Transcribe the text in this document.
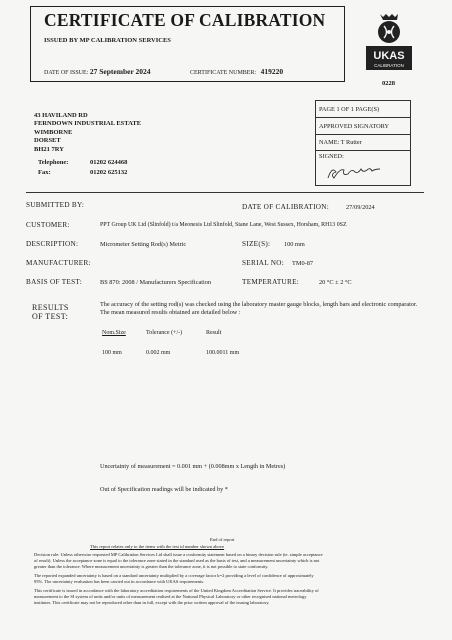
CERTIFICATE OF CALIBRATION
ISSUED BY MP CALIBRATION SERVICES
DATE OF ISSUE: 27 September 2024	CERTIFICATE NUMBER: 419220
UKAS
CALIBRATION
0228
43 HAVILAND RD
FERNDOWN INDUSTRIAL ESTATE
WIMBORNE
DORSET
BH21 7RY
Telephone:	01202 624468
Fax:	01202 625132
PAGE 1 OF 1 PAGE(S)
APPROVED SIGNATORY
NAME: T Rutter
SIGNED:
SUBMITTED BY:	DATE OF CALIBRATION:	27/09/2024
CUSTOMER:	PPT Group UK Ltd (Slinfold) t/a Meonesis Ltd Slinfold, Stane Lane, West Sussex, Horsham, RH13 0SZ
DESCRIPTION:	Micrometer Setting Rod(s) Metric	SIZE(S): 100 mm
MANUFACTURER:	SERIAL NO: TM0-87
BASIS OF TEST:	BS 870: 2008 / Manufacturers Specification	TEMPERATURE:	20 °C ± 2 °C
RESULTS
OF TEST:
The accuracy of the setting rod(s) was checked using the laboratory master gauge blocks, length bars and electronic comparator. The mean measured results obtained are detailed below :
Nom.Size	Tolerance (+/-)	Result
100 mm	0.002 mm	100.0011 mm
Uncertainty of measurement = 0.001 mm + (0.008mm x Length in Metres)
Out of Specification readings will be indicated by *
End of report
This report relates only to the items with the test id number shown above
Decision rule: Unless otherwise requested MP Calibration Services Ltd shall issue a conformity statement based on a binary decision rule (ie. simple acceptance
of result). Unless the acceptance zone is equal to the tolerance zone stated in the standard used as the basis of test, and a measurement uncertainty which is not
greater than the tolerance. Where measurement uncertainty is greater than the tolerance zone, it is not possible to state conformity.
The reported expanded uncertainty is based on a standard uncertainty multiplied by a coverage factor k=2 providing a level of confidence of approximately
95%. The uncertainty evaluation has been carried out in accordance with UKAS requirements.
This certificate is issued in accordance with the laboratory accreditation requirements of the United Kingdom Accreditation Service. It provides traceability of
measurement to the SI system of units and/or units of measurement realised at the National Physical Laboratory or other recognised national metrology
institutes. This certificate may not be reproduced other than in full, except with the prior written approval of the issuing laboratory.
